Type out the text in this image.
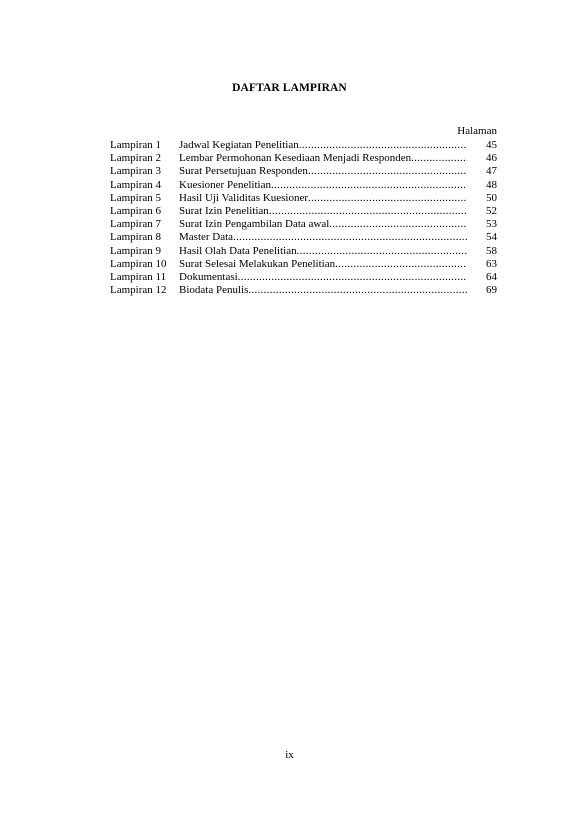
DAFTAR LAMPIRAN
Halaman
Lampiran 1	Jadwal Kegiatan Penelitian .....	45
Lampiran 2	Lembar Permohonan Kesediaan Menjadi Responden .....	46
Lampiran 3	Surat Persetujuan Responden .....	47
Lampiran 4	Kuesioner Penelitian .....	48
Lampiran 5	Hasil Uji Validitas Kuesioner .....	50
Lampiran 6	Surat Izin Penelitian .....	52
Lampiran 7	Surat Izin Pengambilan Data awal .....	53
Lampiran 8	Master Data .....	54
Lampiran 9	Hasil Olah Data Penelitian .....	58
Lampiran 10	Surat Selesai Melakukan Penelitian .....	63
Lampiran 11	Dokumentasi .....	64
Lampiran 12	Biodata Penulis .....	69
ix
